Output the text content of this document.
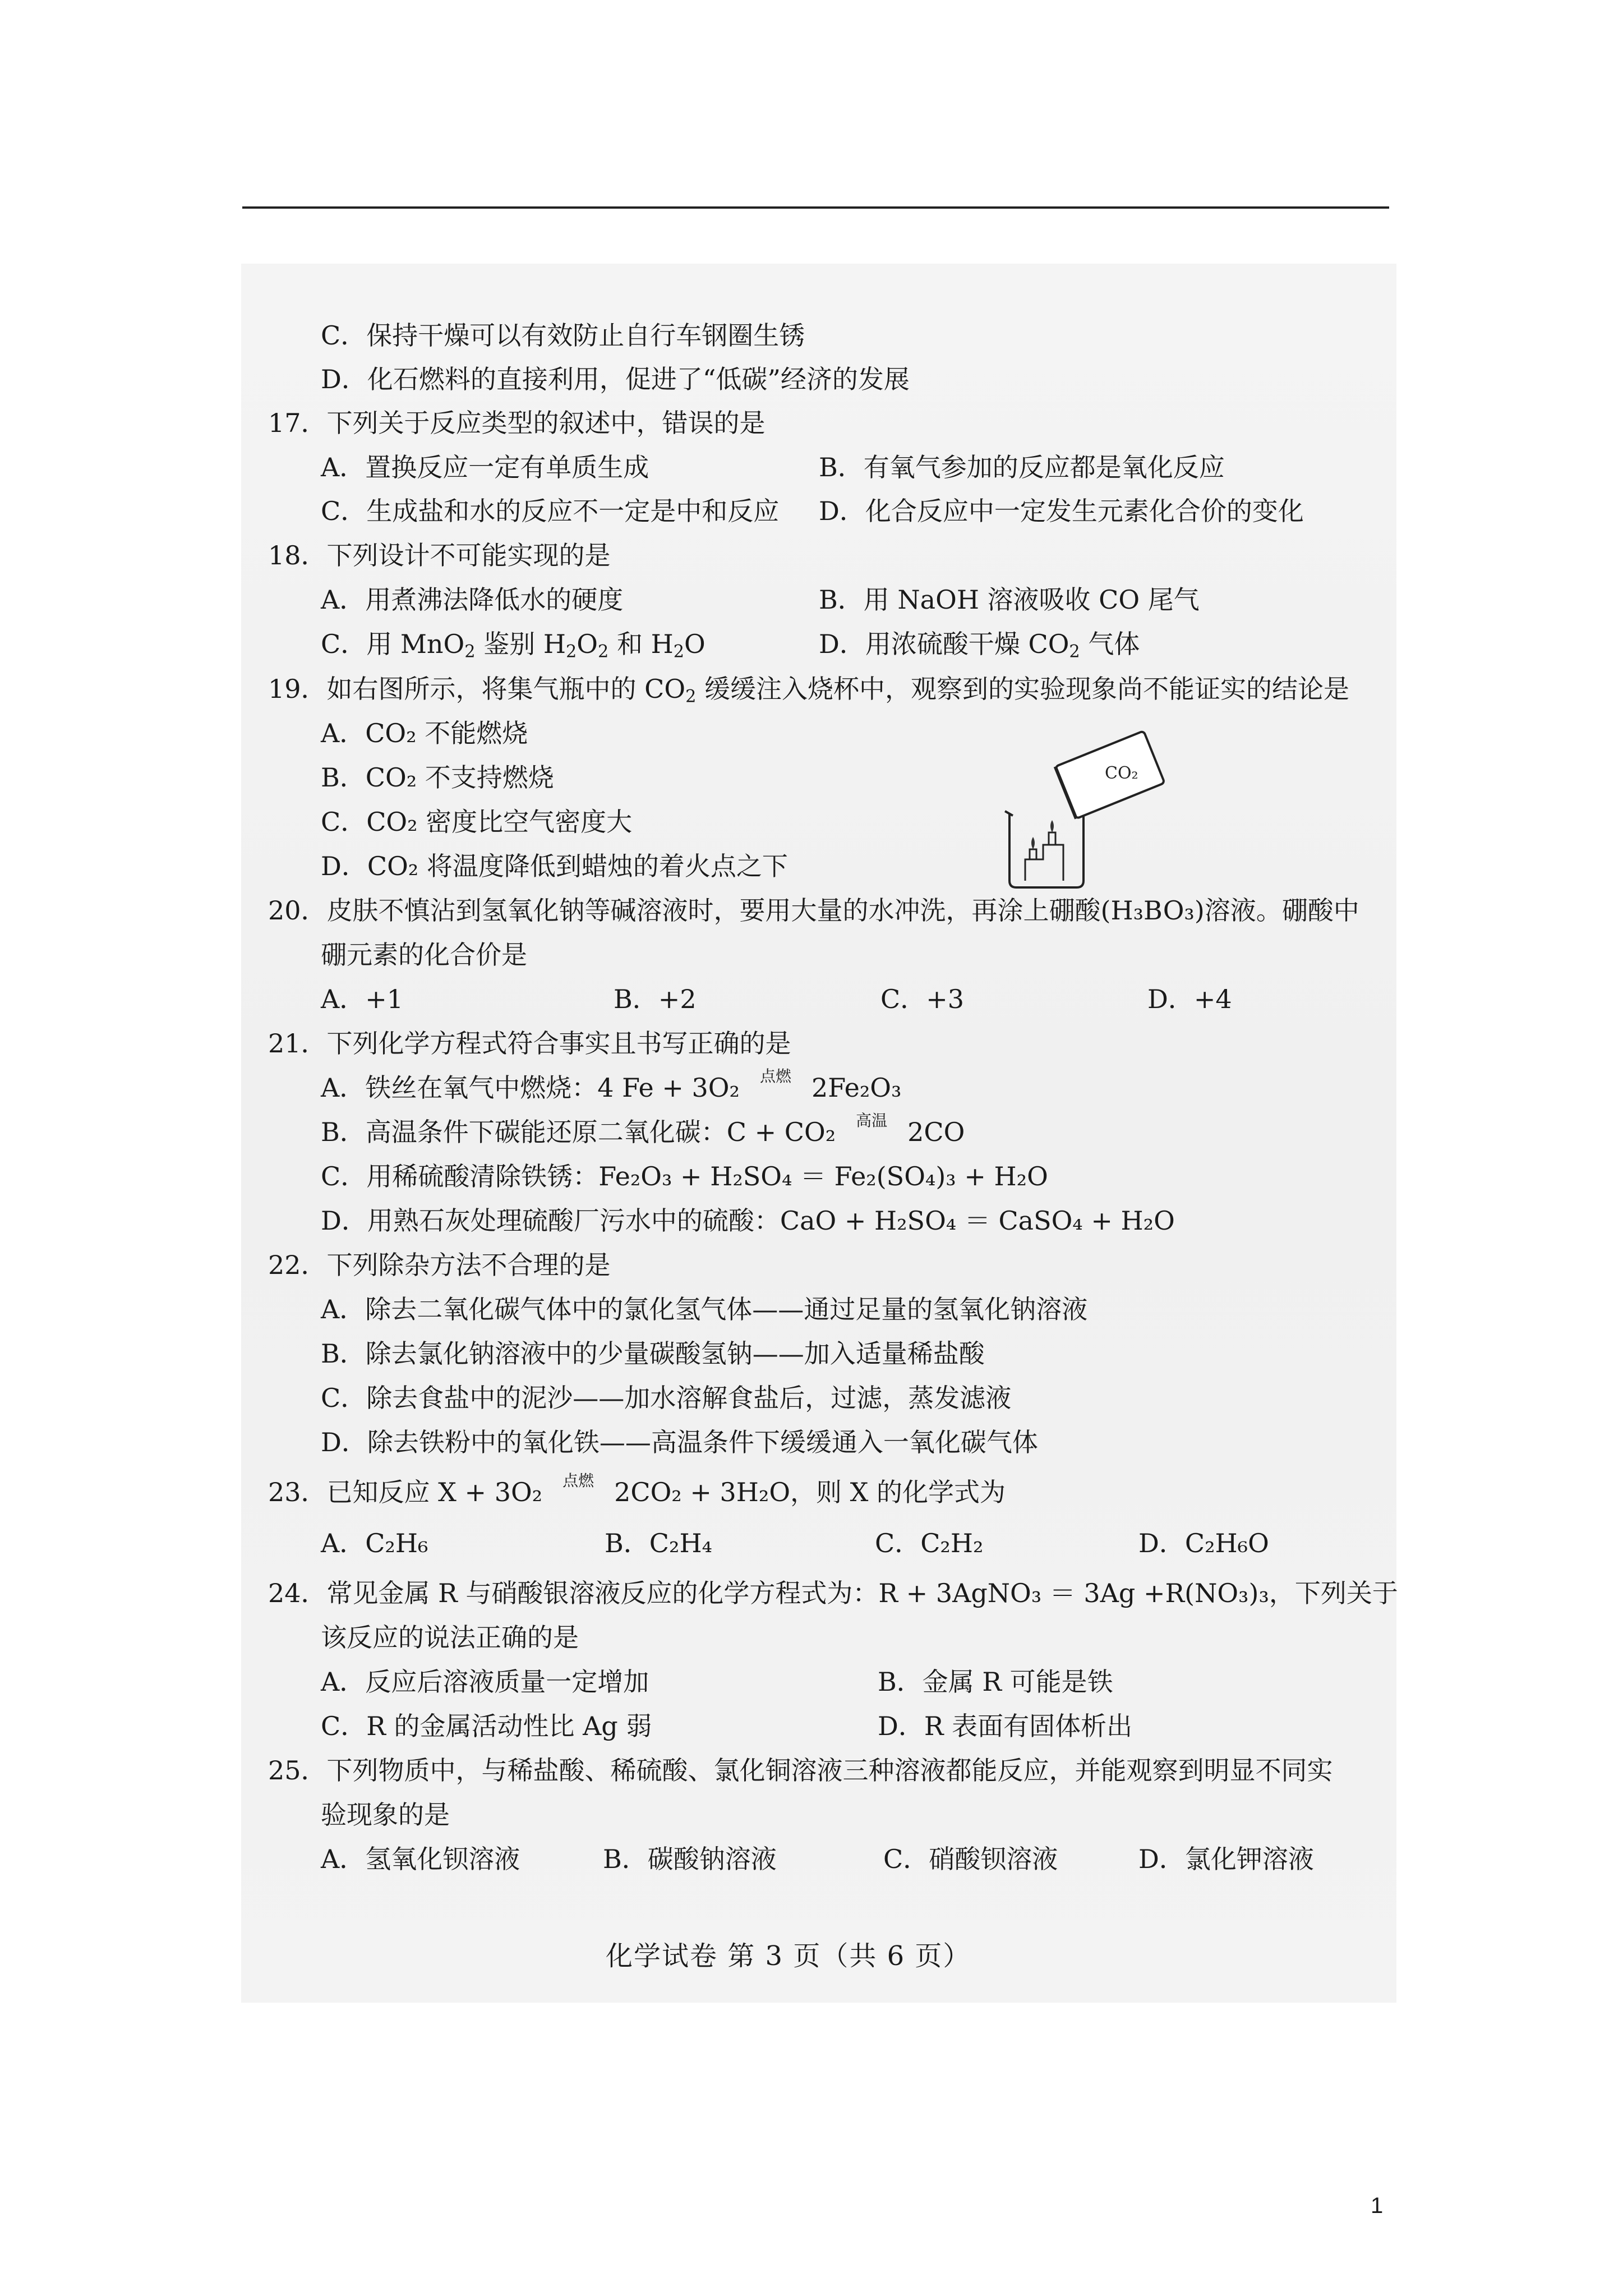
C．保持干燥可以有效防止自行车钢圈生锈
D．化石燃料的直接利用，促进了“低碳”经济的发展
17．下列关于反应类型的叙述中，错误的是
A．置换反应一定有单质生成	B．有氧气参加的反应都是氧化反应
C．生成盐和水的反应不一定是中和反应 D．化合反应中一定发生元素化合价的变化
18．下列设计不可能实现的是
A．用煮沸法降低水的硬度	B．用 NaOH 溶液吸收 CO 尾气
C．用 MnO$_2$ 鉴别 $H_2O_2$ 和 $H_2O$	D．用浓硫酸干燥 $CO_2$ 气体
19．如右图所示，将集气瓶中的 $CO_2$ 缓缓注入烧杯中，观察到的实验现象尚不能证实的结论是
A．CO₂ 不能燃烧
B．CO₂ 不支持燃烧
C．CO₂ 密度比空气密度大
D．CO₂ 将温度降低到蜡烛的着火点之下
CO₂
20．皮肤不慎沾到氢氧化钠等碱溶液时，要用大量的水冲洗，再涂上硼酸(H₃BO₃)溶液。硼酸中
硼元素的化合价是
A．+1	B．+2	C．+3	D．+4
21．下列化学方程式符合事实且书写正确的是
A．铁丝在氧气中燃烧：4 Fe + 3O₂	点燃 2Fe₂O₃
B．高温条件下碳能还原二氧化碳：C + CO₂	高温 2CO
C．用稀硫酸清除铁锈：Fe₂O₃ + H₂SO₄ ＝ Fe₂(SO₄)₃ + H₂O
D．用熟石灰处理硫酸厂污水中的硫酸：CaO + H₂SO₄ ＝ CaSO₄ + H₂O
22．下列除杂方法不合理的是
A．除去二氧化碳气体中的氯化氢气体——通过足量的氢氧化钠溶液
B．除去氯化钠溶液中的少量碳酸氢钠——加入适量稀盐酸
C．除去食盐中的泥沙——加水溶解食盐后，过滤，蒸发滤液
D．除去铁粉中的氧化铁——高温条件下缓缓通入一氧化碳气体
23．已知反应 X + 3O₂	点燃 2CO₂ + 3H₂O，则 X 的化学式为
A．C₂H₆	B．C₂H₄	C．C₂H₂	D．C₂H₆O
24．常见金属 R 与硝酸银溶液反应的化学方程式为：R + 3AgNO₃ ＝ 3Ag +R(NO₃)₃，下列关于
该反应的说法正确的是
A．反应后溶液质量一定增加	B．金属 R 可能是铁
C．R 的金属活动性比 Ag 弱	D．R 表面有固体析出
25．下列物质中，与稀盐酸、稀硫酸、氯化铜溶液三种溶液都能反应，并能观察到明显不同实
验现象的是
A．氢氧化钡溶液	B．碳酸钠溶液	C．硝酸钡溶液	D．氯化钾溶液
化学试卷 第 3 页（共 6 页）
1
